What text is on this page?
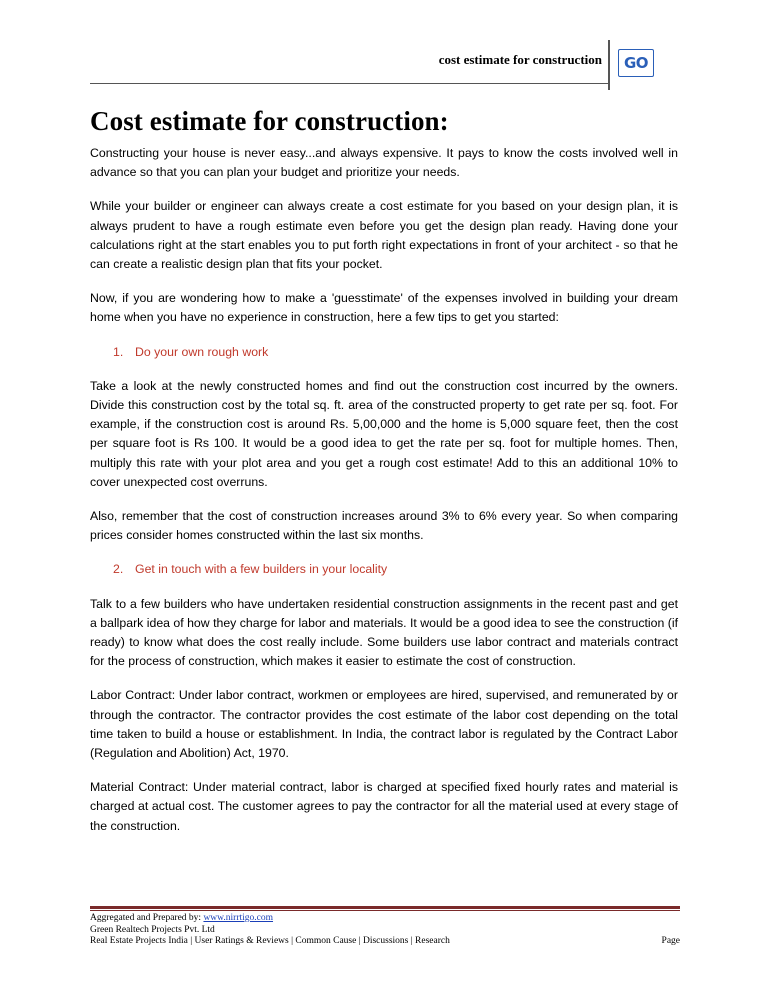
cost estimate for construction	GO
Cost estimate for construction:

Constructing your house is never easy...and always expensive. It pays to know the costs involved well in advance so that you can plan your budget and prioritize your needs.

While your builder or engineer can always create a cost estimate for you based on your design plan, it is always prudent to have a rough estimate even before you get the design plan ready. Having done your calculations right at the start enables you to put forth right expectations in front of your architect - so that he can create a realistic design plan that fits your pocket.

Now, if you are wondering how to make a 'guesstimate' of the expenses involved in building your dream home when you have no experience in construction, here a few tips to get you started:

1. Do your own rough work

Take a look at the newly constructed homes and find out the construction cost incurred by the owners. Divide this construction cost by the total sq. ft. area of the constructed property to get rate per sq. foot. For example, if the construction cost is around Rs. 5,00,000 and the home is 5,000 square feet, then the cost per square foot is Rs 100. It would be a good idea to get the rate per sq. foot for multiple homes. Then, multiply this rate with your plot area and you get a rough cost estimate! Add to this an additional 10% to cover unexpected cost overruns.

Also, remember that the cost of construction increases around 3% to 6% every year. So when comparing prices consider homes constructed within the last six months.

2. Get in touch with a few builders in your locality

Talk to a few builders who have undertaken residential construction assignments in the recent past and get a ballpark idea of how they charge for labor and materials. It would be a good idea to see the construction (if ready) to know what does the cost really include. Some builders use labor contract and materials contract for the process of construction, which makes it easier to estimate the cost of construction.

Labor Contract: Under labor contract, workmen or employees are hired, supervised, and remunerated by or through the contractor. The contractor provides the cost estimate of the labor cost depending on the total time taken to build a house or establishment. In India, the contract labor is regulated by the Contract Labor (Regulation and Abolition) Act, 1970.

Material Contract: Under material contract, labor is charged at specified fixed hourly rates and material is charged at actual cost. The customer agrees to pay the contractor for all the material used at every stage of the construction.

Aggregated and Prepared by: www.nirrtigo.com
Green Realtech Projects Pvt. Ltd
Real Estate Projects India | User Ratings & Reviews | Common Cause | Discussions | Research	Page
